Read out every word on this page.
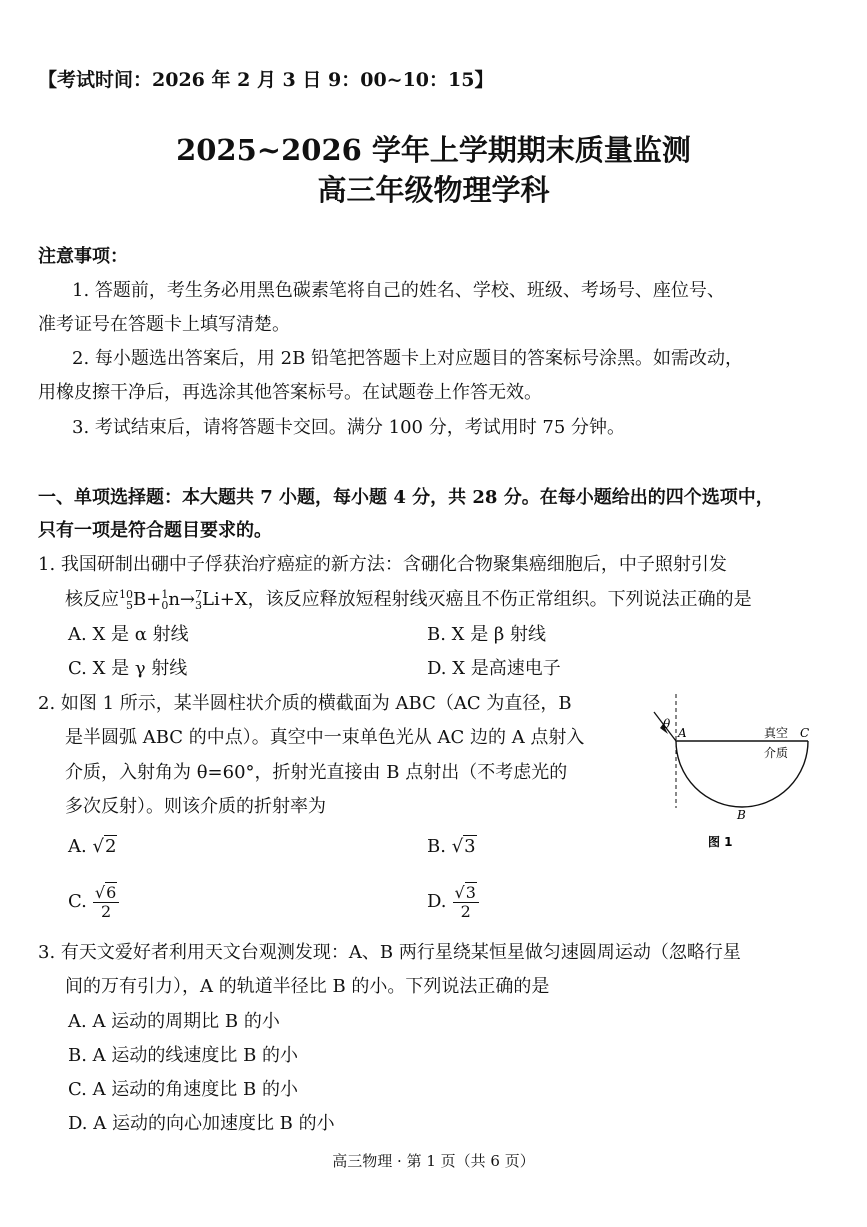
【考试时间：2026 年 2 月 3 日 9：00~10：15】
2025~2026 学年上学期期末质量监测
高三年级物理学科
注意事项：
1. 答题前，考生务必用黑色碳素笔将自己的姓名、学校、班级、考场号、座位号、
准考证号在答题卡上填写清楚。
2. 每小题选出答案后，用 2B 铅笔把答题卡上对应题目的答案标号涂黑。如需改动，
用橡皮擦干净后，再选涂其他答案标号。在试题卷上作答无效。
3. 考试结束后，请将答题卡交回。满分 100 分，考试用时 75 分钟。
一、单项选择题：本大题共 7 小题，每小题 4 分，共 28 分。在每小题给出的四个选项中，
只有一项是符合题目要求的。
1. 我国研制出硼中子俘获治疗癌症的新方法：含硼化合物聚集癌细胞后，中子照射引发
核反应 10
5 B+ 1
0 n→ 7
3 Li+X，该反应释放短程射线灭癌且不伤正常组织。下列说法正确的是
A. X 是 α 射线	B. X 是 β 射线
C. X 是 γ 射线	D. X 是高速电子
2. 如图 1 所示，某半圆柱状介质的横截面为 ABC（AC 为直径，B
是半圆弧 ABC 的中点）。真空中一束单色光从 AC 边的 A 点射入
介质，入射角为 θ=60°，折射光直接由 B 点射出（不考虑光的
多次反射）。则该介质的折射率为
A. √2	B. √3
C. $\frac{√6}{2}$	D. $\frac{√3}{2}$
θ
A	C
B
真空
介质
图 1
3. 有天文爱好者利用天文台观测发现：A、B 两行星绕某恒星做匀速圆周运动（忽略行星
间的万有引力），A 的轨道半径比 B 的小。下列说法正确的是
A. A 运动的周期比 B 的小
B. A 运动的线速度比 B 的小
C. A 运动的角速度比 B 的小
D. A 运动的向心加速度比 B 的小
高三物理 · 第 1 页（共 6 页）
